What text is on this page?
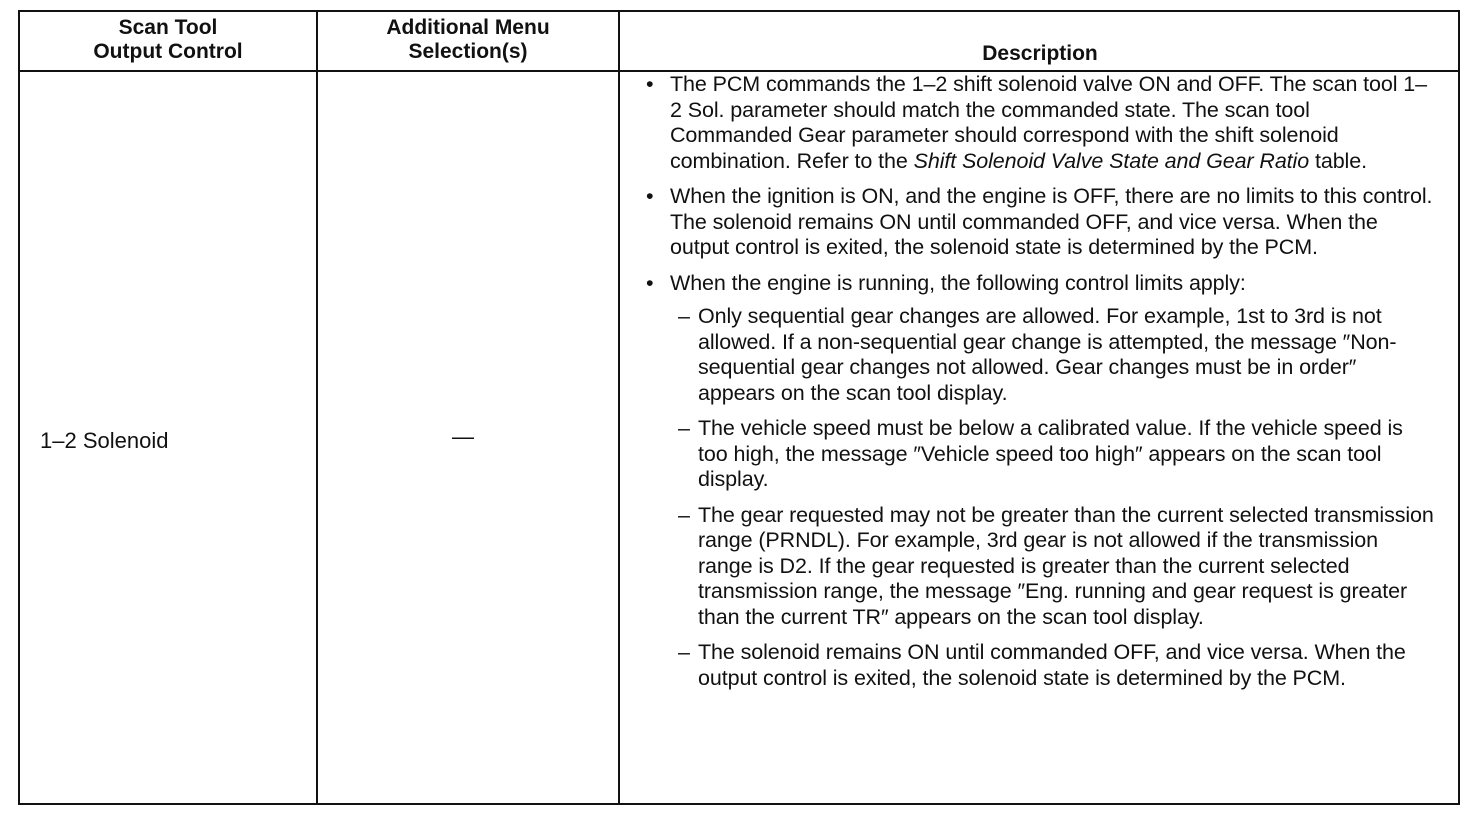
Scan Tool
Output Control
Additional Menu
Selection(s)	Description
1–2 Solenoid	—
• The PCM commands the 1–2 shift solenoid valve ON and OFF. The scan tool 1–2 Sol. parameter should match the commanded state. The scan tool Commanded Gear parameter should correspond with the shift solenoid combination. Refer to the Shift Solenoid Valve State and Gear Ratio table.
• When the ignition is ON, and the engine is OFF, there are no limits to this control. The solenoid remains ON until commanded OFF, and vice versa. When the output control is exited, the solenoid state is determined by the PCM.
• When the engine is running, the following control limits apply:
– Only sequential gear changes are allowed. For example, 1st to 3rd is not allowed. If a non-sequential gear change is attempted, the message ″Non-sequential gear changes not allowed. Gear changes must be in order″ appears on the scan tool display.
– The vehicle speed must be below a calibrated value. If the vehicle speed is too high, the message ″Vehicle speed too high″ appears on the scan tool display.
– The gear requested may not be greater than the current selected transmission range (PRNDL). For example, 3rd gear is not allowed if the transmission range is D2. If the gear requested is greater than the current selected transmission range, the message ″Eng. running and gear request is greater than the current TR″ appears on the scan tool display.
– The solenoid remains ON until commanded OFF, and vice versa. When the output control is exited, the solenoid state is determined by the PCM.
